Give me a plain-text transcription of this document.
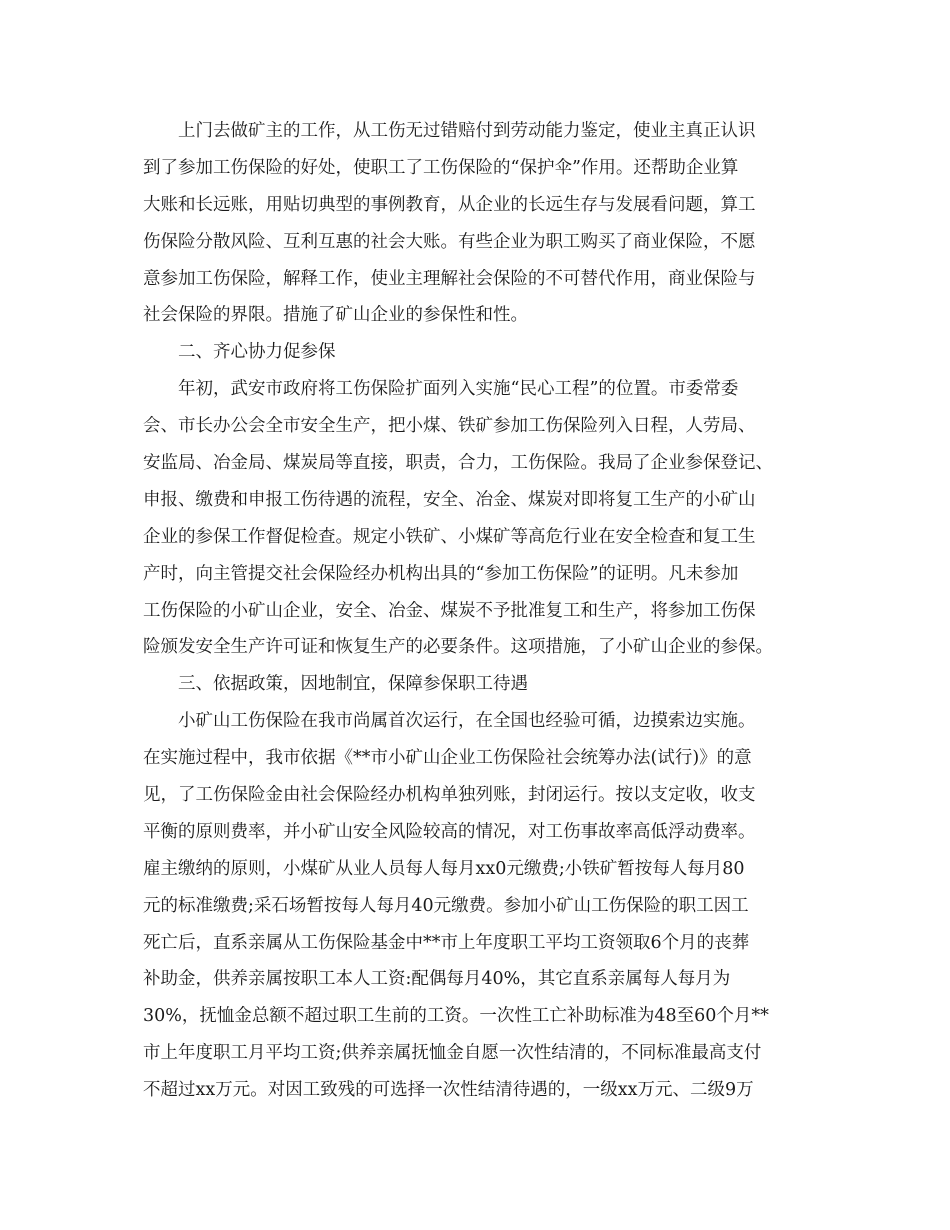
上门去做矿主的工作，从工伤无过错赔付到劳动能力鉴定，使业主真正认识
到了参加工伤保险的好处，使职工了工伤保险的“保护伞”作用。还帮助企业算
大账和长远账，用贴切典型的事例教育，从企业的长远生存与发展看问题，算工
伤保险分散风险、互利互惠的社会大账。有些企业为职工购买了商业保险，不愿
意参加工伤保险，解释工作，使业主理解社会保险的不可替代作用，商业保险与
社会保险的界限。措施了矿山企业的参保性和性。
二、齐心协力促参保
年初，武安市政府将工伤保险扩面列入实施“民心工程”的位置。市委常委
会、市长办公会全市安全生产，把小煤、铁矿参加工伤保险列入日程，人劳局、
安监局、冶金局、煤炭局等直接，职责，合力，工伤保险。我局了企业参保登记、
申报、缴费和申报工伤待遇的流程，安全、冶金、煤炭对即将复工生产的小矿山
企业的参保工作督促检查。规定小铁矿、小煤矿等高危行业在安全检查和复工生
产时，向主管提交社会保险经办机构出具的“参加工伤保险”的证明。凡未参加
工伤保险的小矿山企业，安全、冶金、煤炭不予批准复工和生产，将参加工伤保
险颁发安全生产许可证和恢复生产的必要条件。这项措施，了小矿山企业的参保。
三、依据政策，因地制宜，保障参保职工待遇
小矿山工伤保险在我市尚属首次运行，在全国也经验可循，边摸索边实施。
在实施过程中，我市依据《**市小矿山企业工伤保险社会统筹办法(试行)》的意
见，了工伤保险金由社会保险经办机构单独列账，封闭运行。按以支定收，收支
平衡的原则费率，并小矿山安全风险较高的情况，对工伤事故率高低浮动费率。
雇主缴纳的原则，小煤矿从业人员每人每月xx0元缴费;小铁矿暂按每人每月80
元的标准缴费;采石场暂按每人每月40元缴费。参加小矿山工伤保险的职工因工
死亡后，直系亲属从工伤保险基金中**市上年度职工平均工资领取6个月的丧葬
补助金，供养亲属按职工本人工资:配偶每月40%，其它直系亲属每人每月为
30%，抚恤金总额不超过职工生前的工资。一次性工亡补助标准为48至60个月**
市上年度职工月平均工资;供养亲属抚恤金自愿一次性结清的，不同标准最高支付
不超过xx万元。对因工致残的可选择一次性结清待遇的，一级xx万元、二级9万
